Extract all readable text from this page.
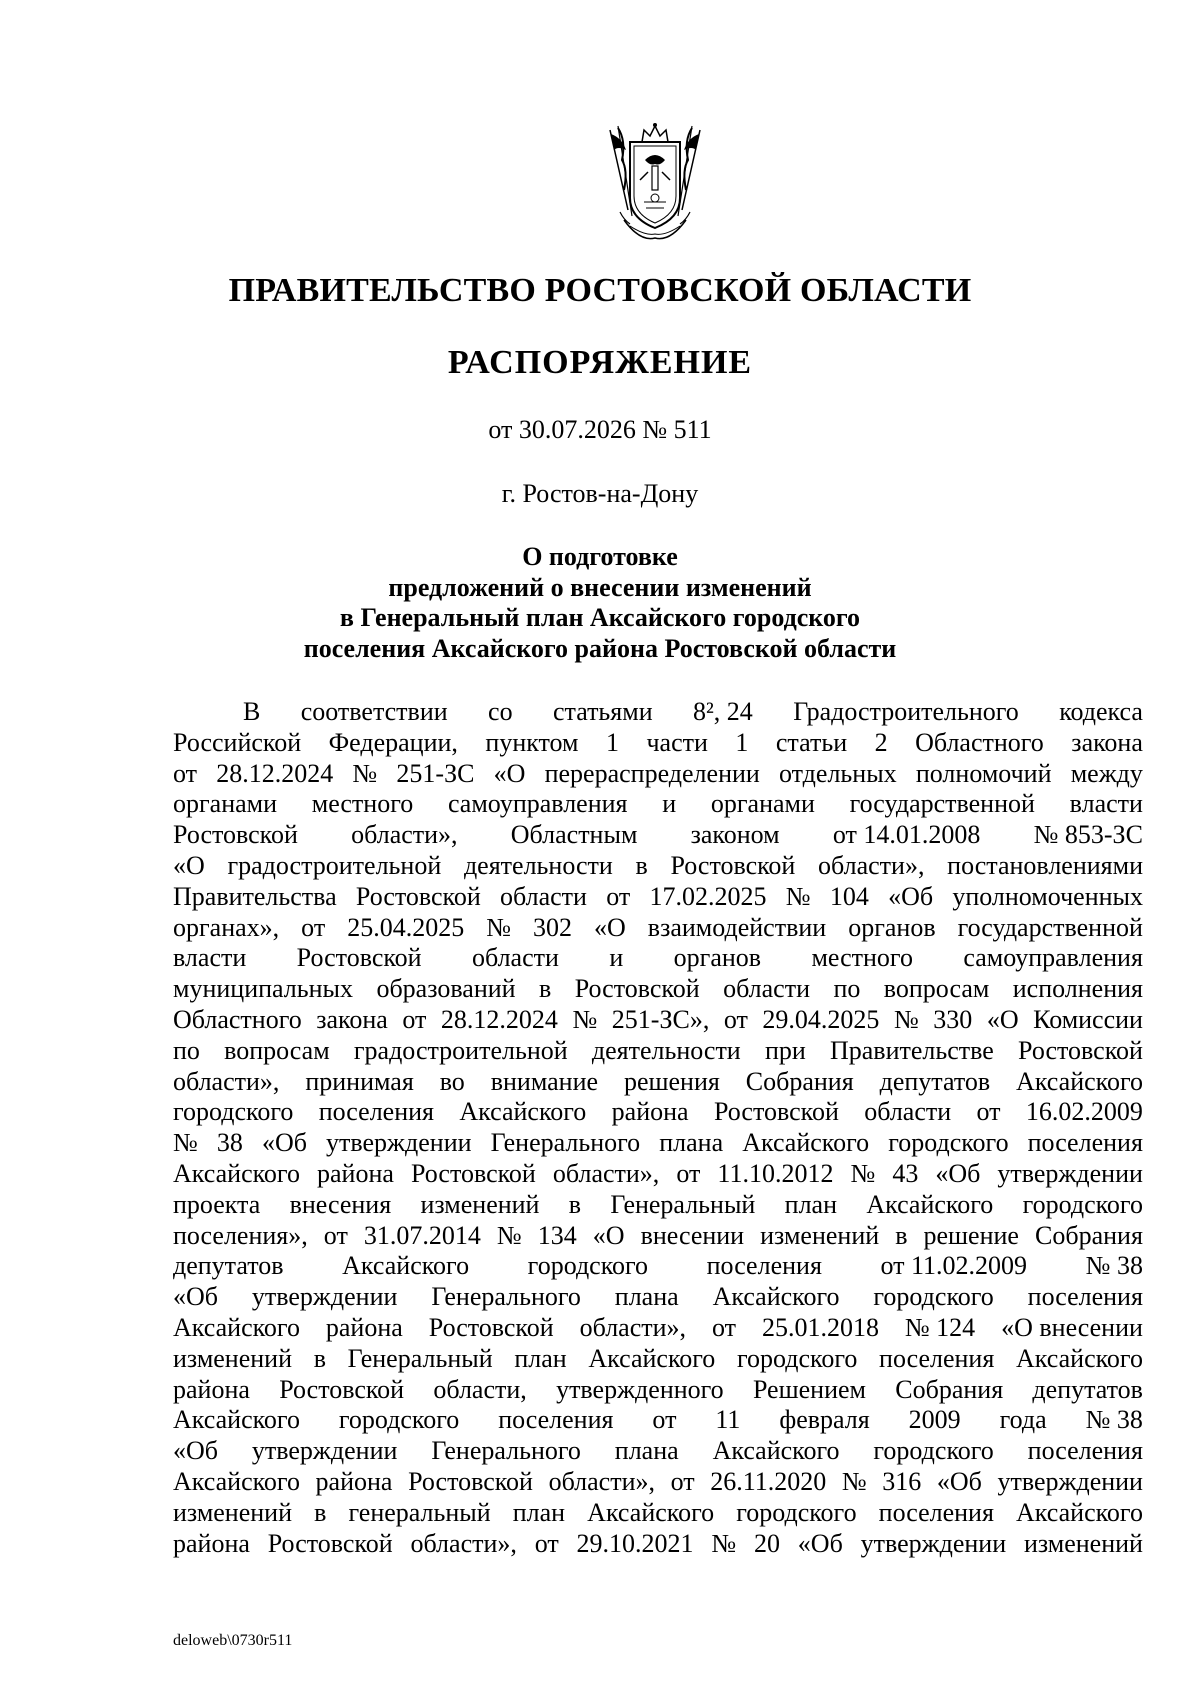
ПРАВИТЕЛЬСТВО РОСТОВСКОЙ ОБЛАСТИ
РАСПОРЯЖЕНИЕ
от 30.07.2026 № 511
г. Ростов-на-Дону
О подготовке
предложений о внесении изменений
в Генеральный план Аксайского городского
поселения Аксайского района Ростовской области
В соответствии со статьями 8², 24 Градостроительного кодекса
Российской Федерации, пунктом 1 части 1 статьи 2 Областного закона
от 28.12.2024 № 251-ЗС «О перераспределении отдельных полномочий между
органами местного самоуправления и органами государственной власти
Ростовской области», Областным законом от 14.01.2008 № 853-ЗС
«О градостроительной деятельности в Ростовской области», постановлениями
Правительства Ростовской области от 17.02.2025 № 104 «Об уполномоченных
органах», от 25.04.2025 № 302 «О взаимодействии органов государственной
власти Ростовской области и органов местного самоуправления
муниципальных образований в Ростовской области по вопросам исполнения
Областного закона от 28.12.2024 № 251-ЗС», от 29.04.2025 № 330 «О Комиссии
по вопросам градостроительной деятельности при Правительстве Ростовской
области», принимая во внимание решения Собрания депутатов Аксайского
городского поселения Аксайского района Ростовской области от 16.02.2009
№ 38 «Об утверждении Генерального плана Аксайского городского поселения
Аксайского района Ростовской области», от 11.10.2012 № 43 «Об утверждении
проекта внесения изменений в Генеральный план Аксайского городского
поселения», от 31.07.2014 № 134 «О внесении изменений в решение Собрания
депутатов Аксайского городского поселения от 11.02.2009 № 38
«Об утверждении Генерального плана Аксайского городского поселения
Аксайского района Ростовской области», от 25.01.2018 № 124 «О внесении
изменений в Генеральный план Аксайского городского поселения Аксайского
района Ростовской области, утвержденного Решением Собрания депутатов
Аксайского городского поселения от 11 февраля 2009 года № 38
«Об утверждении Генерального плана Аксайского городского поселения
Аксайского района Ростовской области», от 26.11.2020 № 316 «Об утверждении
изменений в генеральный план Аксайского городского поселения Аксайского
района Ростовской области», от 29.10.2021 № 20 «Об утверждении изменений
deloweb\0730r511
